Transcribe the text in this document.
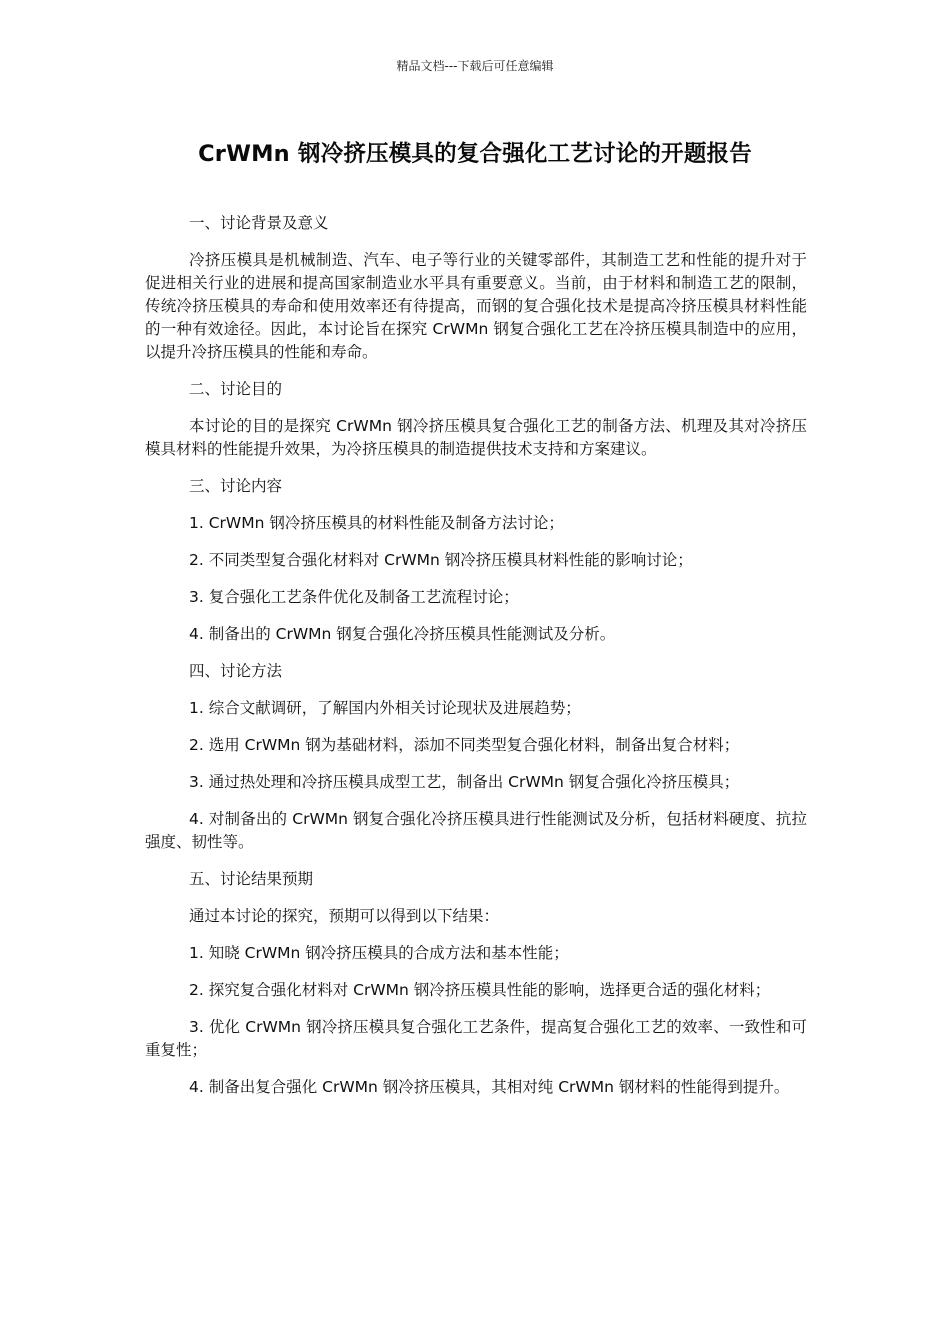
精品文档---下载后可任意编辑
CrWMn 钢冷挤压模具的复合强化工艺讨论的开题报告

一、讨论背景及意义

冷挤压模具是机械制造、汽车、电子等行业的关键零部件，其制造工艺和性能的提升对于促进相关行业的进展和提高国家制造业水平具有重要意义。当前，由于材料和制造工艺的限制，传统冷挤压模具的寿命和使用效率还有待提高，而钢的复合强化技术是提高冷挤压模具材料性能的一种有效途径。因此，本讨论旨在探究 CrWMn 钢复合强化工艺在冷挤压模具制造中的应用，以提升冷挤压模具的性能和寿命。

二、讨论目的

本讨论的目的是探究 CrWMn 钢冷挤压模具复合强化工艺的制备方法、机理及其对冷挤压模具材料的性能提升效果，为冷挤压模具的制造提供技术支持和方案建议。

三、讨论内容

1. CrWMn 钢冷挤压模具的材料性能及制备方法讨论；

2. 不同类型复合强化材料对 CrWMn 钢冷挤压模具材料性能的影响讨论；

3. 复合强化工艺条件优化及制备工艺流程讨论；

4. 制备出的 CrWMn 钢复合强化冷挤压模具性能测试及分析。

四、讨论方法

1. 综合文献调研，了解国内外相关讨论现状及进展趋势；

2. 选用 CrWMn 钢为基础材料，添加不同类型复合强化材料，制备出复合材料；

3. 通过热处理和冷挤压模具成型工艺，制备出 CrWMn 钢复合强化冷挤压模具；

4. 对制备出的 CrWMn 钢复合强化冷挤压模具进行性能测试及分析，包括材料硬度、抗拉强度、韧性等。

五、讨论结果预期

通过本讨论的探究，预期可以得到以下结果：

1. 知晓 CrWMn 钢冷挤压模具的合成方法和基本性能；

2. 探究复合强化材料对 CrWMn 钢冷挤压模具性能的影响，选择更合适的强化材料；

3. 优化 CrWMn 钢冷挤压模具复合强化工艺条件，提高复合强化工艺的效率、一致性和可重复性；

4. 制备出复合强化 CrWMn 钢冷挤压模具，其相对纯 CrWMn 钢材料的性能得到提升。
